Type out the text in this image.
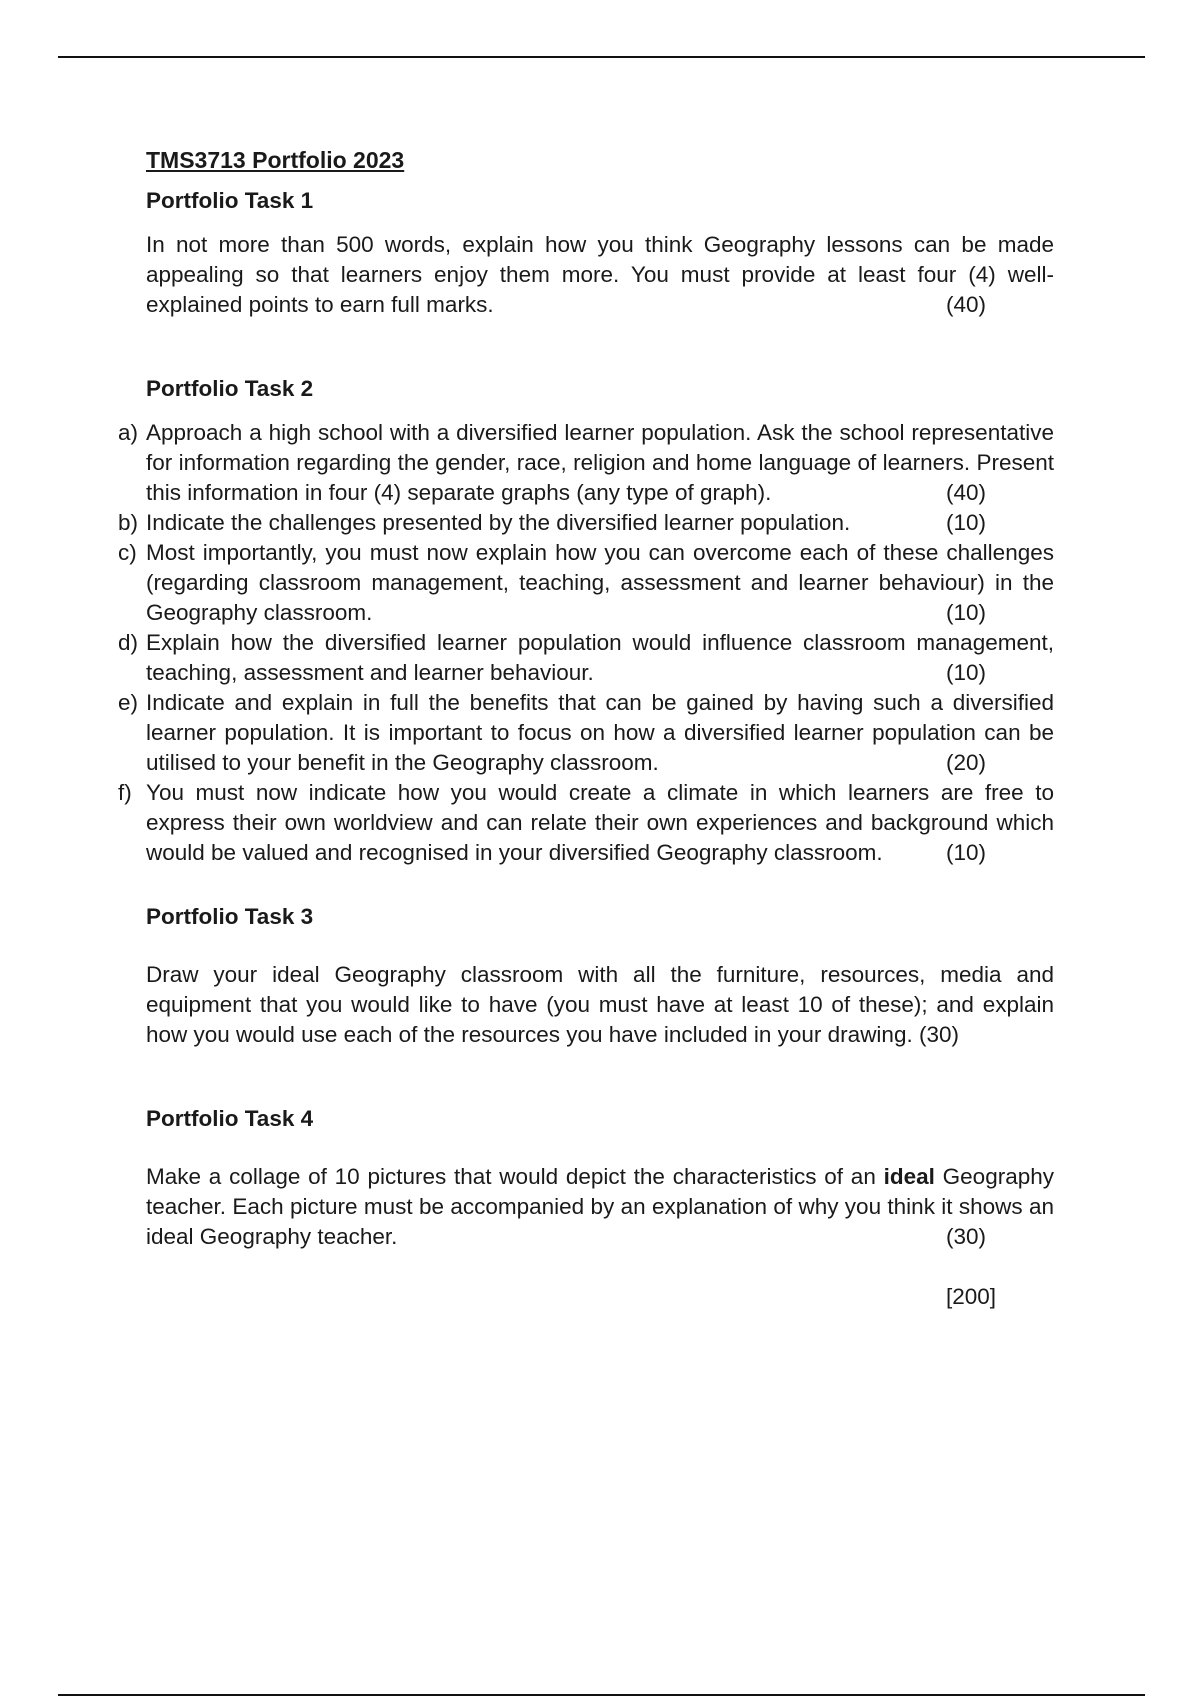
TMS3713 Portfolio 2023

Portfolio Task 1

In not more than 500 words, explain how you think Geography lessons can be made appealing so that learners enjoy them more. You must provide at least four (4) well-explained points to earn full marks.	(40)

Portfolio Task 2

a) Approach a high school with a diversified learner population. Ask the school representative for information regarding the gender, race, religion and home language of learners. Present this information in four (4) separate graphs (any type of graph).	(40)
b) Indicate the challenges presented by the diversified learner population.	(10)
c) Most importantly, you must now explain how you can overcome each of these challenges (regarding classroom management, teaching, assessment and learner behaviour) in the Geography classroom.	(10)
d) Explain how the diversified learner population would influence classroom management, teaching, assessment and learner behaviour.	(10)
e) Indicate and explain in full the benefits that can be gained by having such a diversified learner population. It is important to focus on how a diversified learner population can be utilised to your benefit in the Geography classroom.	(20)
f) You must now indicate how you would create a climate in which learners are free to express their own worldview and can relate their own experiences and background which would be valued and recognised in your diversified Geography classroom.	(10)

Portfolio Task 3

Draw your ideal Geography classroom with all the furniture, resources, media and equipment that you would like to have (you must have at least 10 of these); and explain how you would use each of the resources you have included in your drawing. (30)

Portfolio Task 4

Make a collage of 10 pictures that would depict the characteristics of an ideal Geography teacher. Each picture must be accompanied by an explanation of why you think it shows an ideal Geography teacher.	(30)

[200]
